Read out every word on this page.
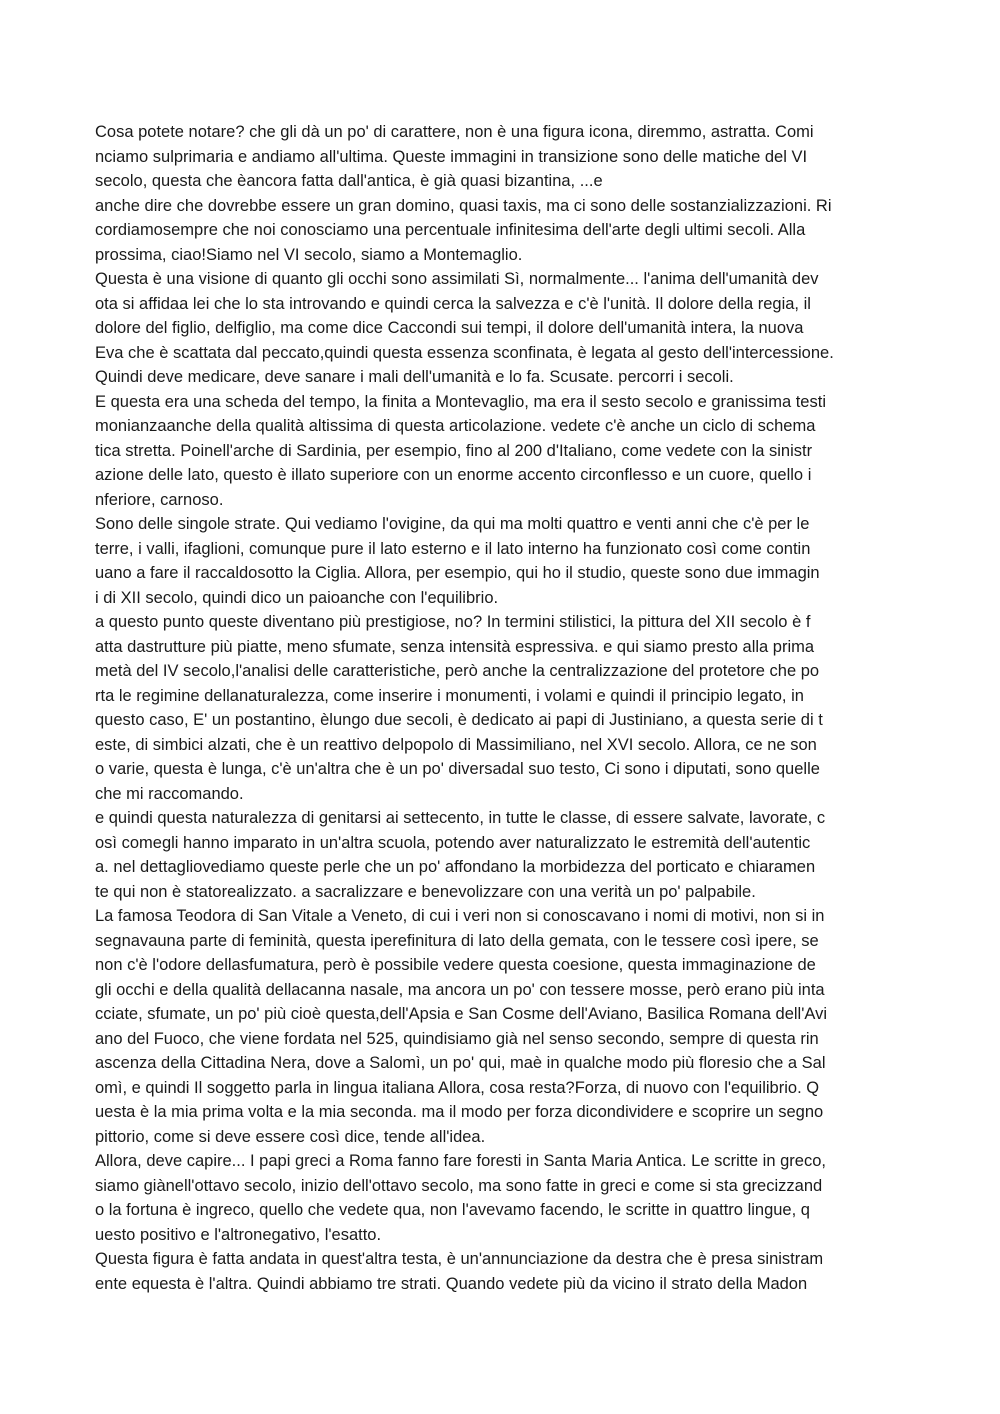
Cosa potete notare? che gli dà un po' di carattere, non è una figura icona, diremmo, astratta. Comi
nciamo sulprimaria e andiamo all'ultima. Queste immagini in transizione sono delle matiche del VI
secolo, questa che èancora fatta dall'antica, è già quasi bizantina, ...e
anche dire che dovrebbe essere un gran domino, quasi taxis, ma ci sono delle sostanzializzazioni. Ri
cordiamosempre che noi conosciamo una percentuale infinitesima dell'arte degli ultimi secoli. Alla
prossima, ciao!Siamo nel VI secolo, siamo a Montemaglio.
Questa è una visione di quanto gli occhi sono assimilati Sì, normalmente... l'anima dell'umanità dev
ota si affidaa lei che lo sta introvando e quindi cerca la salvezza e c'è l'unità. Il dolore della regia, il
dolore del figlio, delfiglio, ma come dice Caccondi sui tempi, il dolore dell'umanità intera, la nuova
Eva che è scattata dal peccato,quindi questa essenza sconfinata, è legata al gesto dell'intercessione.
Quindi deve medicare, deve sanare i mali dell'umanità e lo fa. Scusate. percorri i secoli.
E questa era una scheda del tempo, la finita a Montevaglio, ma era il sesto secolo e granissima testi
monianzaanche della qualità altissima di questa articolazione. vedete c'è anche un ciclo di schema
tica stretta. Poinell'arche di Sardinia, per esempio, fino al 200 d'Italiano, come vedete con la sinistr
azione delle lato, questo è illato superiore con un enorme accento circonflesso e un cuore, quello i
nferiore, carnoso.
Sono delle singole strate. Qui vediamo l'ovigine, da qui ma molti quattro e venti anni che c'è per le
terre, i valli, ifaglioni, comunque pure il lato esterno e il lato interno ha funzionato così come contin
uano a fare il raccaldosotto la Ciglia. Allora, per esempio, qui ho il studio, queste sono due immagin
i di XII secolo, quindi dico un paioanche con l'equilibrio.
a questo punto queste diventano più prestigiose, no? In termini stilistici, la pittura del XII secolo è f
atta dastrutture più piatte, meno sfumate, senza intensità espressiva. e qui siamo presto alla prima
metà del IV secolo,l'analisi delle caratteristiche, però anche la centralizzazione del protetore che po
rta le regimine dellanaturalezza, come inserire i monumenti, i volami e quindi il principio legato, in
questo caso, E' un postantino, èlungo due secoli, è dedicato ai papi di Justiniano, a questa serie di t
este, di simbici alzati, che è un reattivo delpopolo di Massimiliano, nel XVI secolo. Allora, ce ne son
o varie, questa è lunga, c'è un'altra che è un po' diversadal suo testo, Ci sono i diputati, sono quelle
che mi raccomando.
e quindi questa naturalezza di genitarsi ai settecento, in tutte le classe, di essere salvate, lavorate, c
osì comegli hanno imparato in un'altra scuola, potendo aver naturalizzato le estremità dell'autentic
a. nel dettagliovediamo queste perle che un po' affondano la morbidezza del porticato e chiaramen
te qui non è statorealizzato. a sacralizzare e benevolizzare con una verità un po' palpabile.
La famosa Teodora di San Vitale a Veneto, di cui i veri non si conoscavano i nomi di motivi, non si in
segnavauna parte di feminità, questa iperefinitura di lato della gemata, con le tessere così ipere, se
non c'è l'odore dellasfumatura, però è possibile vedere questa coesione, questa immaginazione de
gli occhi e della qualità dellacanna nasale, ma ancora un po' con tessere mosse, però erano più inta
cciate, sfumate, un po' più cioè questa,dell'Apsia e San Cosme dell'Aviano, Basilica Romana dell'Avi
ano del Fuoco, che viene fordata nel 525, quindisiamo già nel senso secondo, sempre di questa rin
ascenza della Cittadina Nera, dove a Salomì, un po' qui, maè in qualche modo più floresio che a Sal
omì, e quindi Il soggetto parla in lingua italiana Allora, cosa resta?Forza, di nuovo con l'equilibrio. Q
uesta è la mia prima volta e la mia seconda. ma il modo per forza dicondividere e scoprire un segno
pittorio, come si deve essere così dice, tende all'idea.
Allora, deve capire... I papi greci a Roma fanno fare foresti in Santa Maria Antica. Le scritte in greco,
siamo giànell'ottavo secolo, inizio dell'ottavo secolo, ma sono fatte in greci e come si sta grecizzand
o la fortuna è ingreco, quello che vedete qua, non l'avevamo facendo, le scritte in quattro lingue, q
uesto positivo e l'altronegativo, l'esatto.
Questa figura è fatta andata in quest'altra testa, è un'annunciazione da destra che è presa sinistram
ente equesta è l'altra. Quindi abbiamo tre strati. Quando vedete più da vicino il strato della Madon
